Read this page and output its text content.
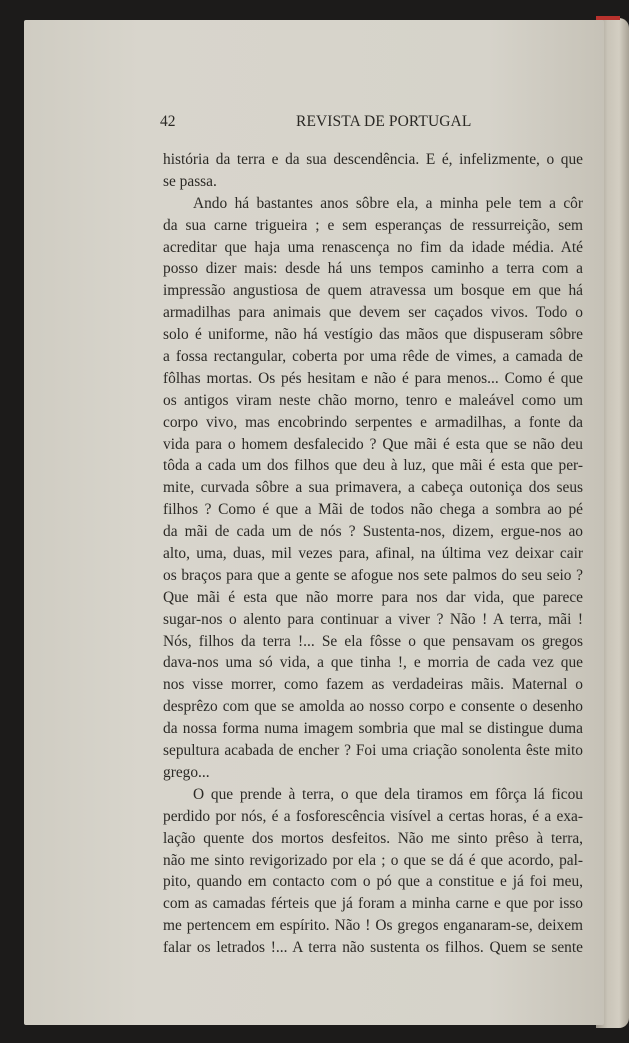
42	REVISTA DE PORTUGAL
história da terra e da sua descendência. E é, infelizmente, o que
se passa.
Ando há bastantes anos sôbre ela, a minha pele tem a côr
da sua carne trigueira ; e sem esperanças de ressurreição, sem
acreditar que haja uma renascença no fim da idade média. Até
posso dizer mais: desde há uns tempos caminho a terra com a
impressão angustiosa de quem atravessa um bosque em que há
armadilhas para animais que devem ser caçados vivos. Todo o
solo é uniforme, não há vestígio das mãos que dispuseram sôbre
a fossa rectangular, coberta por uma rêde de vimes, a camada de
fôlhas mortas. Os pés hesitam e não é para menos... Como é que
os antigos viram neste chão morno, tenro e maleável como um
corpo vivo, mas encobrindo serpentes e armadilhas, a fonte da
vida para o homem desfalecido ? Que mãi é esta que se não deu
tôda a cada um dos filhos que deu à luz, que mãi é esta que per-
mite, curvada sôbre a sua primavera, a cabeça outoniça dos seus
filhos ? Como é que a Mãi de todos não chega a sombra ao pé
da mãi de cada um de nós ? Sustenta-nos, dizem, ergue-nos ao
alto, uma, duas, mil vezes para, afinal, na última vez deixar cair
os braços para que a gente se afogue nos sete palmos do seu seio ?
Que mãi é esta que não morre para nos dar vida, que parece
sugar-nos o alento para continuar a viver ? Não ! A terra, mãi !
Nós, filhos da terra !... Se ela fôsse o que pensavam os gregos
dava-nos uma só vida, a que tinha !, e morria de cada vez que
nos visse morrer, como fazem as verdadeiras mãis. Maternal o
desprêzo com que se amolda ao nosso corpo e consente o desenho
da nossa forma numa imagem sombria que mal se distingue duma
sepultura acabada de encher ? Foi uma criação sonolenta êste mito
grego...
O que prende à terra, o que dela tiramos em fôrça lá ficou
perdido por nós, é a fosforescência visível a certas horas, é a exa-
lação quente dos mortos desfeitos. Não me sinto prêso à terra,
não me sinto revigorizado por ela ; o que se dá é que acordo, pal-
pito, quando em contacto com o pó que a constitue e já foi meu,
com as camadas férteis que já foram a minha carne e que por isso
me pertencem em espírito. Não ! Os gregos enganaram-se, deixem
falar os letrados !... A terra não sustenta os filhos. Quem se sente
